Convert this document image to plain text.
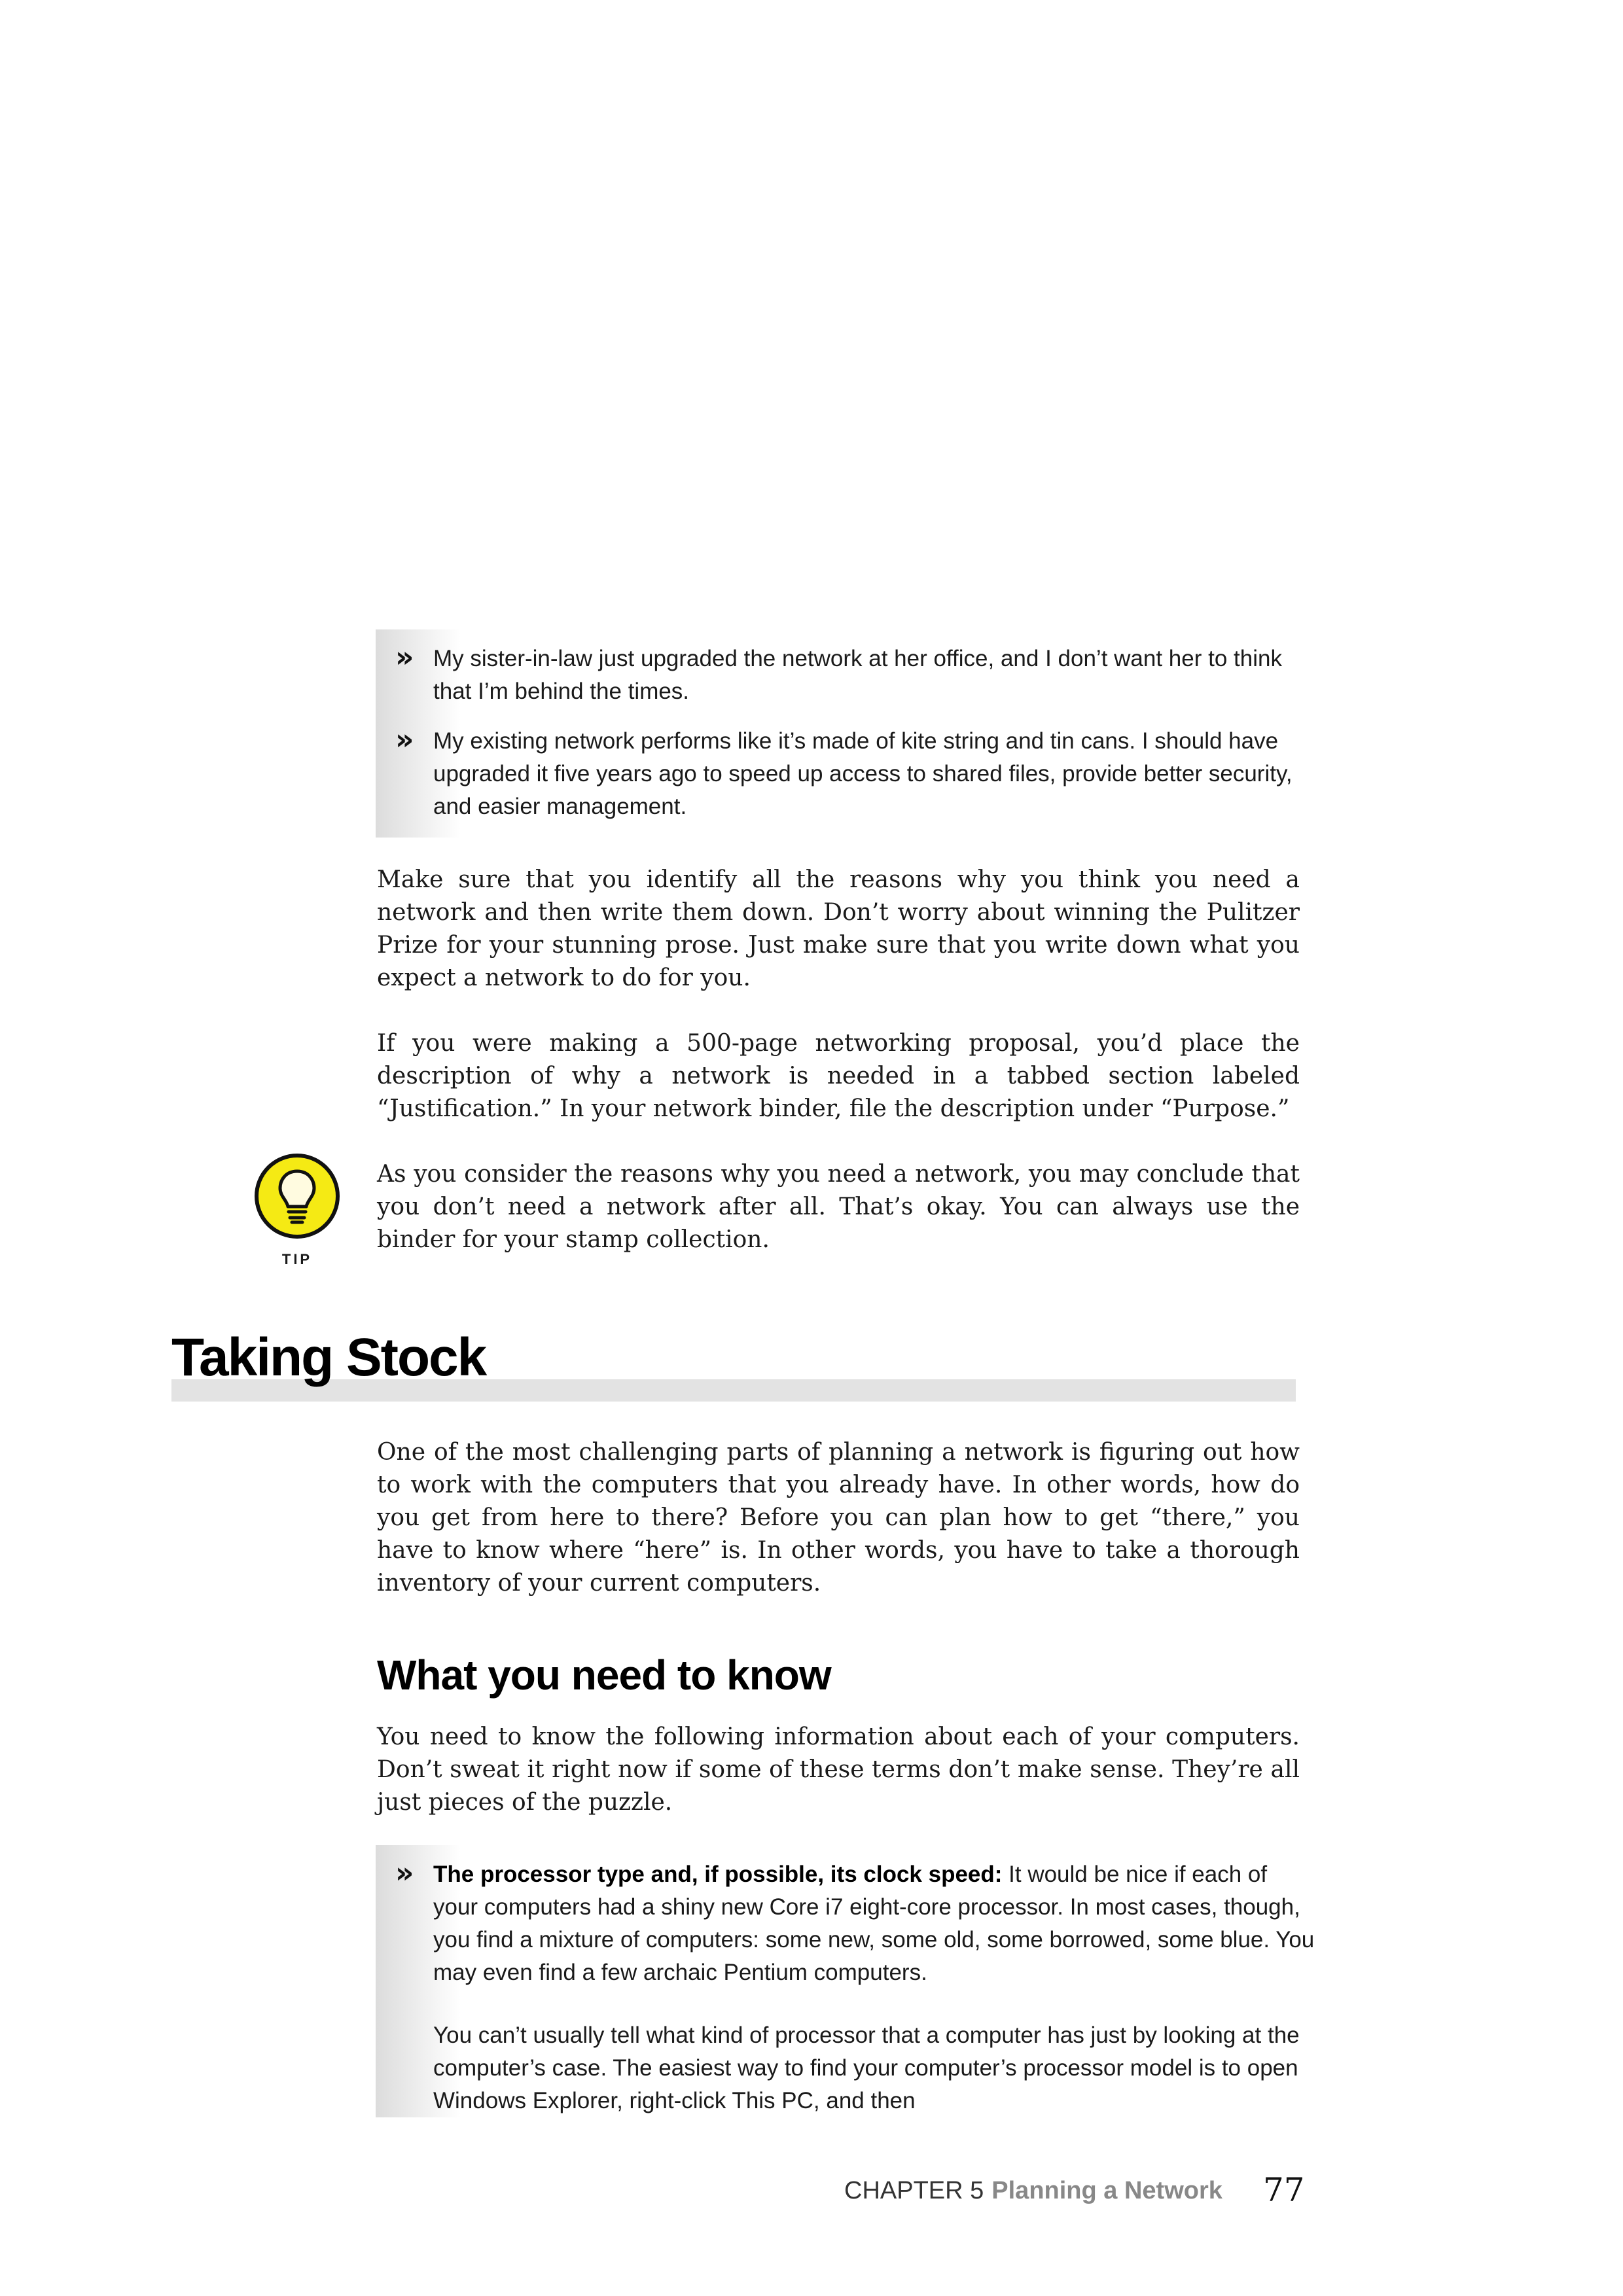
» My sister-in-law just upgraded the network at her office, and I don’t want her to think that I’m behind the times.
» My existing network performs like it’s made of kite string and tin cans. I should have upgraded it five years ago to speed up access to shared files, provide better security, and easier management.
Make sure that you identify all the reasons why you think you need a network and then write them down. Don’t worry about winning the Pulitzer Prize for your stunning prose. Just make sure that you write down what you expect a network to do for you.
If you were making a 500-page networking proposal, you’d place the description of why a network is needed in a tabbed section labeled “Justification.” In your network binder, file the description under “Purpose.”
TIP
As you consider the reasons why you need a network, you may conclude that you don’t need a network after all. That’s okay. You can always use the binder for your stamp collection.
Taking Stock
One of the most challenging parts of planning a network is figuring out how to work with the computers that you already have. In other words, how do you get from here to there? Before you can plan how to get “there,” you have to know where “here” is. In other words, you have to take a thorough inventory of your current computers.
What you need to know
You need to know the following information about each of your computers. Don’t sweat it right now if some of these terms don’t make sense. They’re all just pieces of the puzzle.
» The processor type and, if possible, its clock speed: It would be nice if each of your computers had a shiny new Core i7 eight-core processor. In most cases, though, you find a mixture of computers: some new, some old, some borrowed, some blue. You may even find a few archaic Pentium computers.
You can’t usually tell what kind of processor that a computer has just by looking at the computer’s case. The easiest way to find your computer’s processor model is to open Windows Explorer, right-click This PC, and then
CHAPTER 5 Planning a Network 77
